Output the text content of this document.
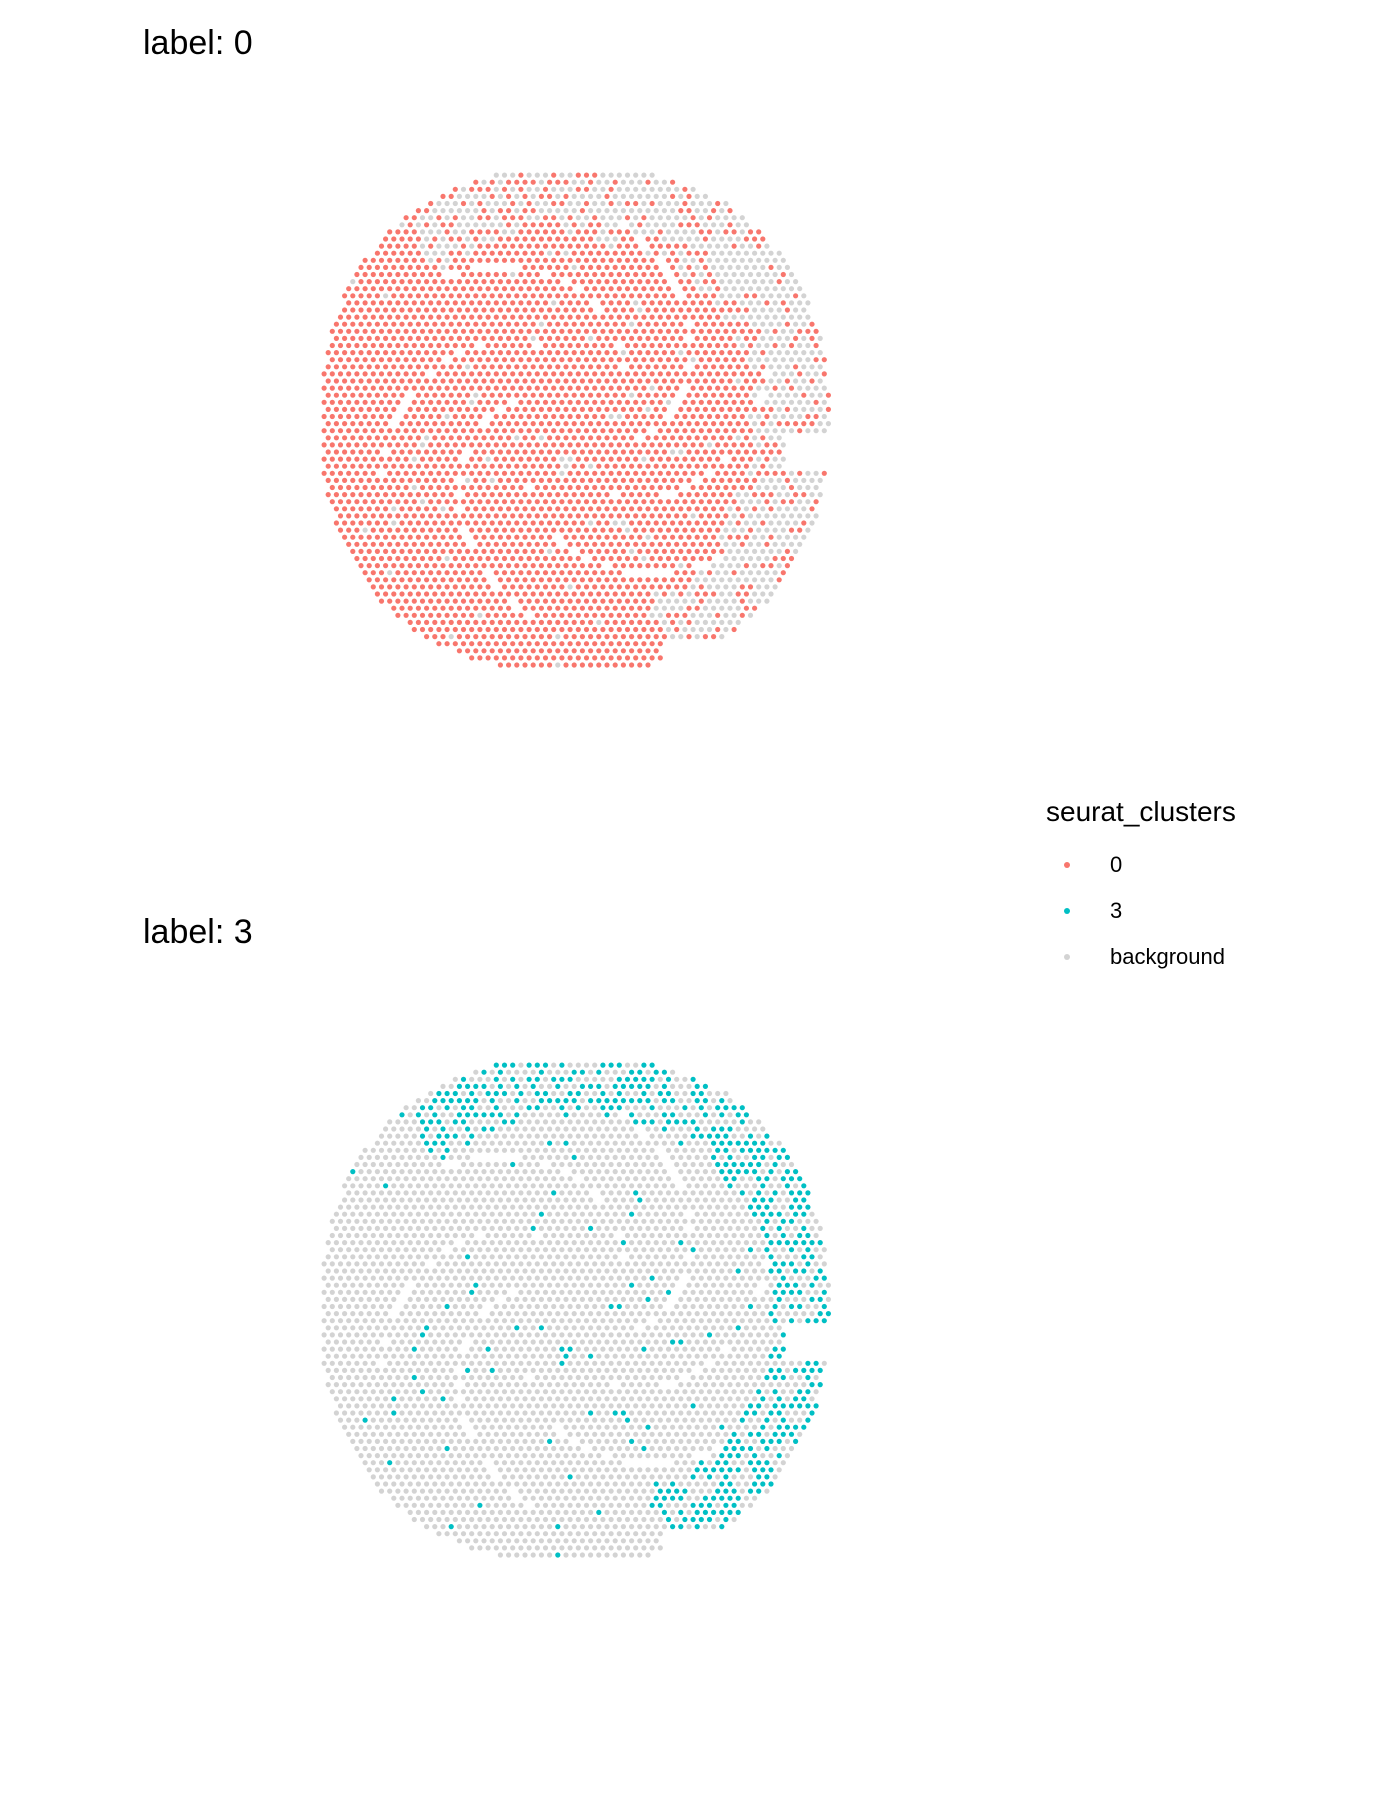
label: 0
label: 3
seurat_clusters
0
3
background
